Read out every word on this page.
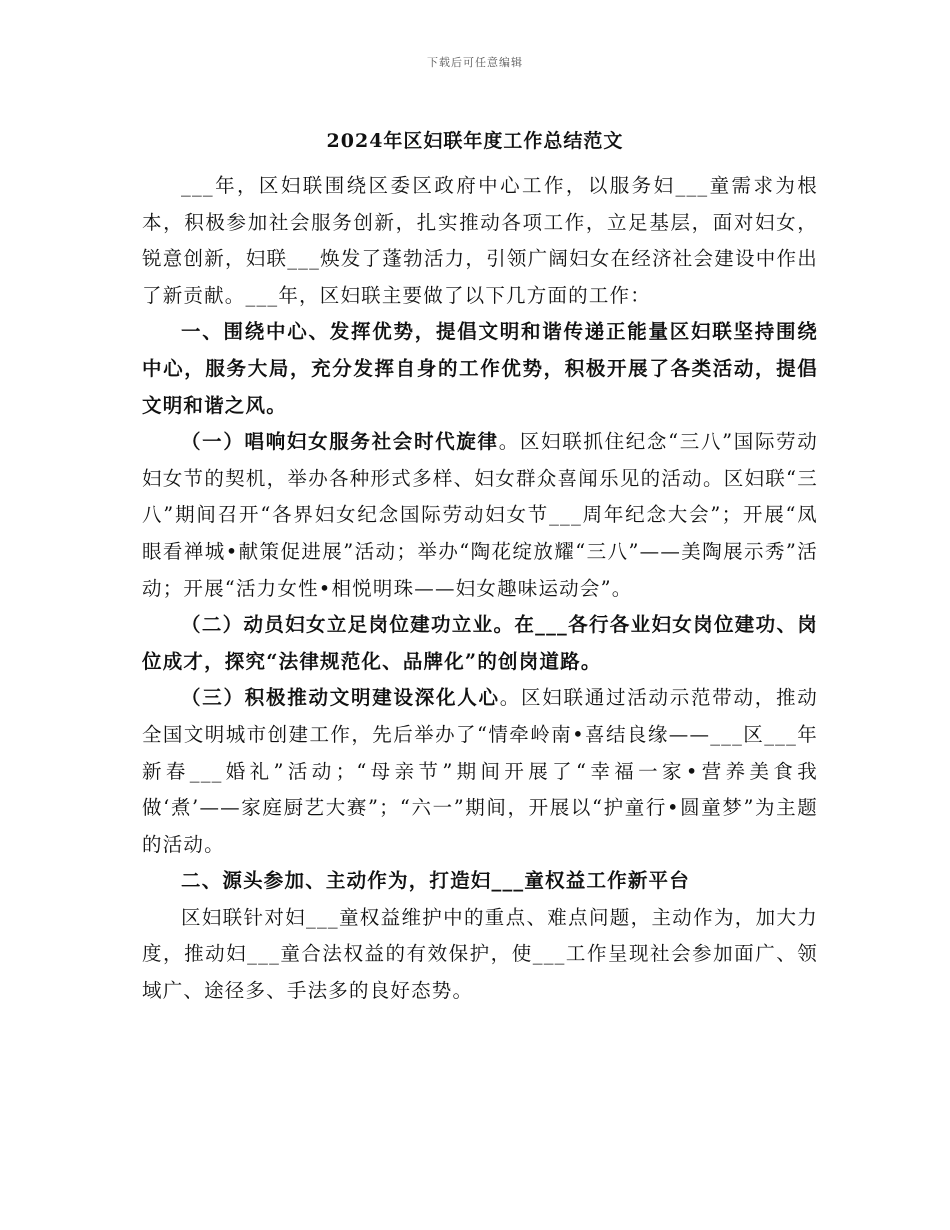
下载后可任意编辑
2024年区妇联年度工作总结范文

___年，区妇联围绕区委区政府中心工作，以服务妇___童需求为根本，积极参加社会服务创新，扎实推动各项工作，立足基层，面对妇女，锐意创新，妇联___焕发了蓬勃活力，引领广阔妇女在经济社会建设中作出了新贡献。___年，区妇联主要做了以下几方面的工作：

一、围绕中心、发挥优势，提倡文明和谐传递正能量区妇联坚持围绕中心，服务大局，充分发挥自身的工作优势，积极开展了各类活动，提倡文明和谐之风。

（一）唱响妇女服务社会时代旋律。区妇联抓住纪念“三八”国际劳动妇女节的契机，举办各种形式多样、妇女群众喜闻乐见的活动。区妇联“三八”期间召开“各界妇女纪念国际劳动妇女节___周年纪念大会”；开展“凤眼看禅城•献策促进展”活动；举办“陶花绽放耀“三八”——美陶展示秀”活动；开展“活力女性•相悦明珠——妇女趣味运动会”。

（二）动员妇女立足岗位建功立业。在___各行各业妇女岗位建功、岗位成才，探究“法律规范化、品牌化”的创岗道路。

（三）积极推动文明建设深化人心。区妇联通过活动示范带动，推动全国文明城市创建工作，先后举办了“情牵岭南•喜结良缘——___区___年新春___婚礼”活动；“母亲节”期间开展了“幸福一家•营养美食我做‘煮’——家庭厨艺大赛”；“六一”期间，开展以“护童行•圆童梦”为主题的活动。

二、源头参加、主动作为，打造妇___童权益工作新平台

区妇联针对妇___童权益维护中的重点、难点问题，主动作为，加大力度，推动妇___童合法权益的有效保护，使___工作呈现社会参加面广、领域广、途径多、手法多的良好态势。
